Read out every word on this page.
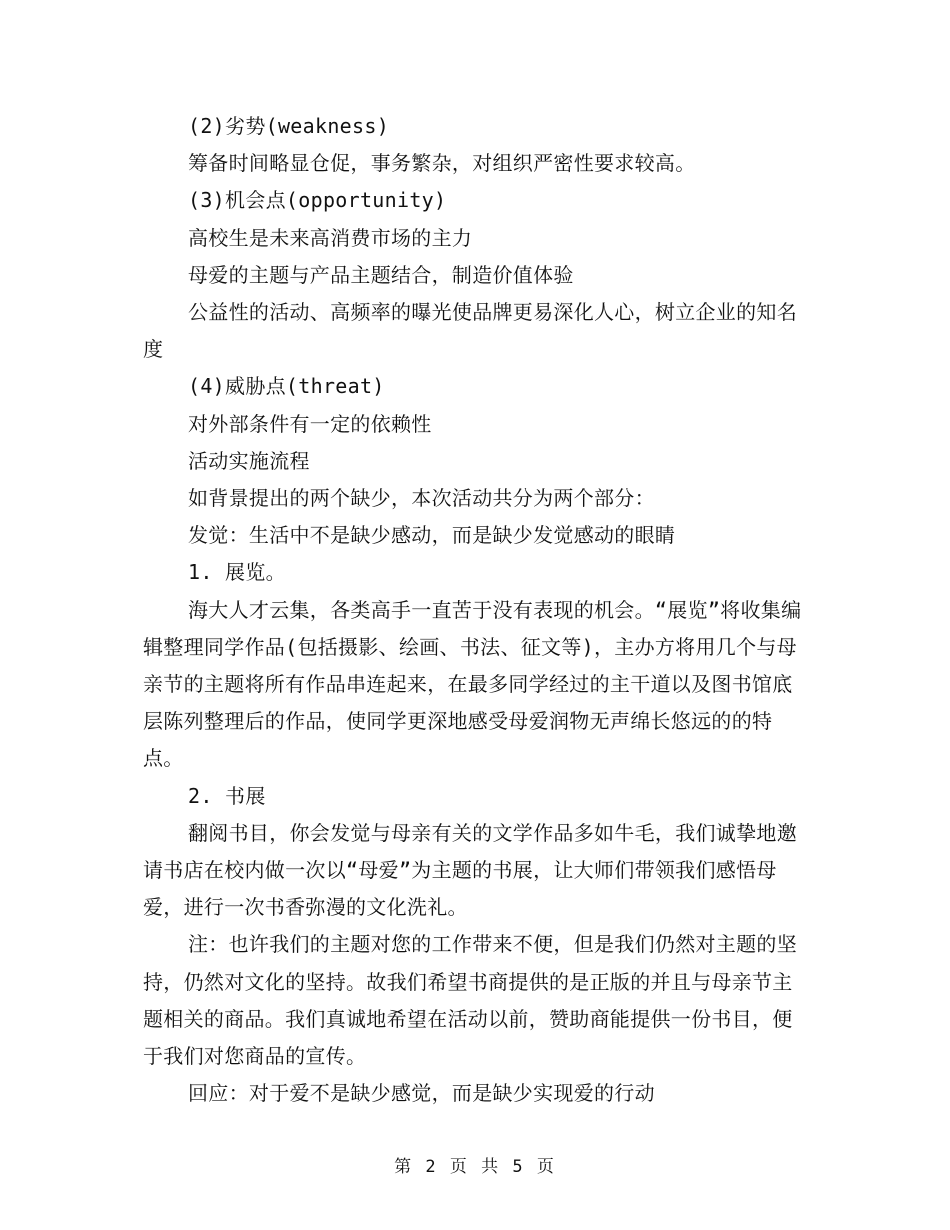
(2)劣势(weakness)

筹备时间略显仓促，事务繁杂，对组织严密性要求较高。

(3)机会点(opportunity)

高校生是未来高消费市场的主力

母爱的主题与产品主题结合，制造价值体验

公益性的活动、高频率的曝光使品牌更易深化人心，树立企业的知名度

(4)威胁点(threat)

对外部条件有一定的依赖性

活动实施流程

如背景提出的两个缺少，本次活动共分为两个部分：

发觉：生活中不是缺少感动，而是缺少发觉感动的眼睛

1. 展览。

海大人才云集，各类高手一直苦于没有表现的机会。“展览”将收集编辑整理同学作品(包括摄影、绘画、书法、征文等)，主办方将用几个与母亲节的主题将所有作品串连起来，在最多同学经过的主干道以及图书馆底层陈列整理后的作品，使同学更深地感受母爱润物无声绵长悠远的的特点。

2. 书展

翻阅书目，你会发觉与母亲有关的文学作品多如牛毛，我们诚挚地邀请书店在校内做一次以“母爱”为主题的书展，让大师们带领我们感悟母爱，进行一次书香弥漫的文化洗礼。

注：也许我们的主题对您的工作带来不便，但是我们仍然对主题的坚持，仍然对文化的坚持。故我们希望书商提供的是正版的并且与母亲节主题相关的商品。我们真诚地希望在活动以前，赞助商能提供一份书目，便于我们对您商品的宣传。

回应：对于爱不是缺少感觉，而是缺少实现爱的行动

第 2 页 共 5 页
